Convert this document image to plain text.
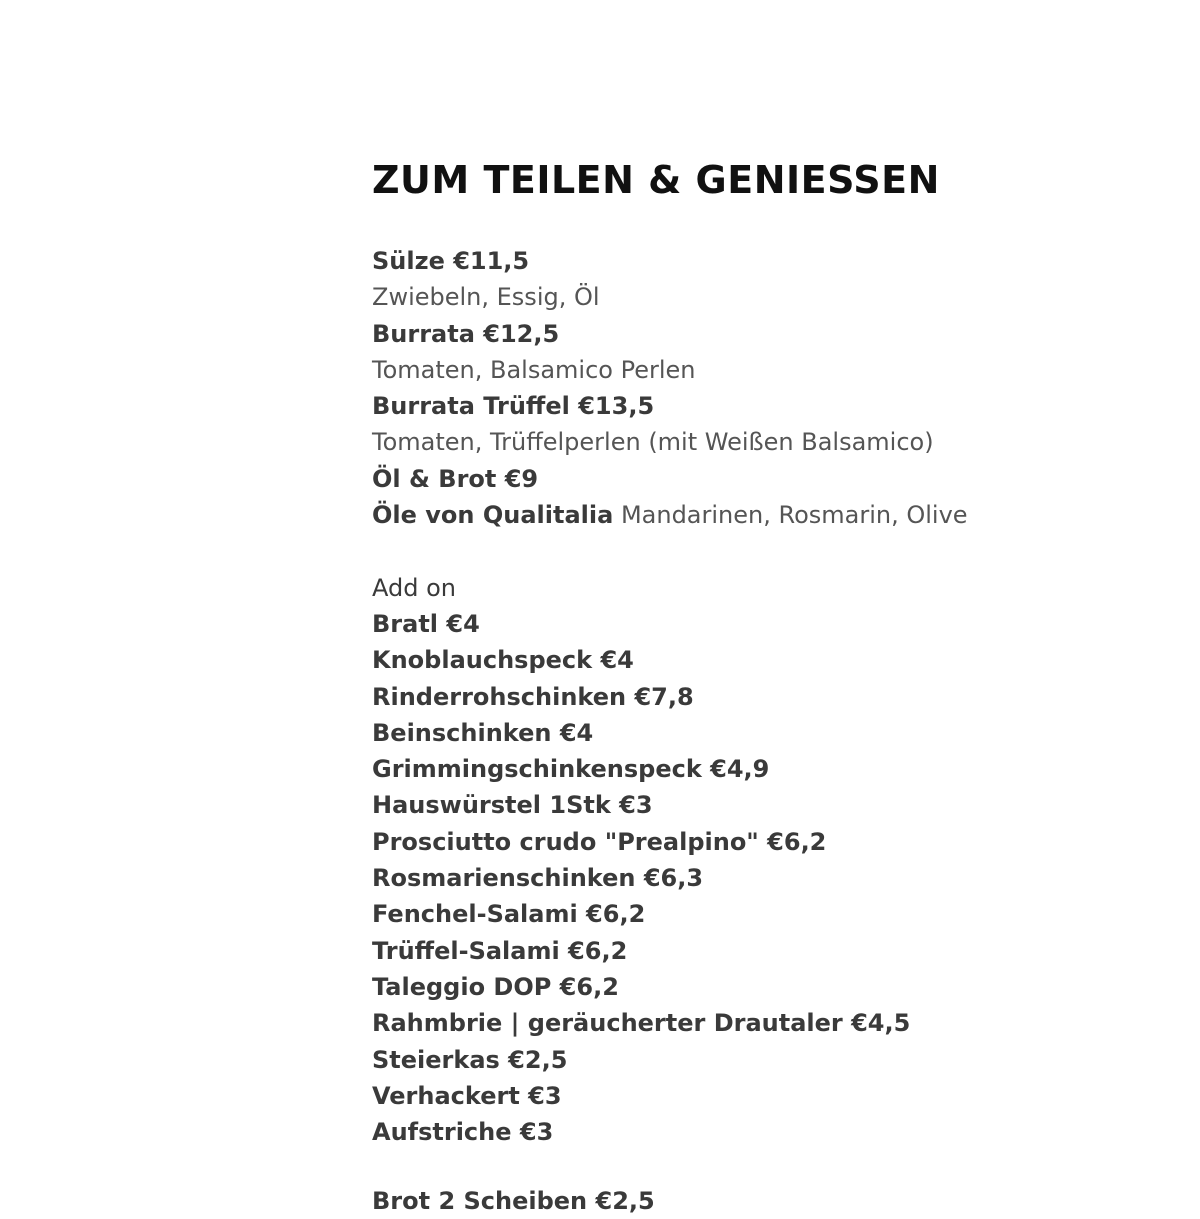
ZUM TEILEN & GENIESSEN
Sülze €11,5
Zwiebeln, Essig, Öl
Burrata €12,5
Tomaten, Balsamico Perlen
Burrata Trüffel €13,5
Tomaten, Trüffelperlen (mit Weißen Balsamico)
Öl & Brot €9
Öle von Qualitalia Mandarinen, Rosmarin, Olive
Add on
Bratl €4
Knoblauchspeck €4
Rinderrohschinken €7,8
Beinschinken €4
Grimmingschinkenspeck €4,9
Hauswürstel 1Stk €3
Prosciutto crudo "Prealpino" €6,2
Rosmarienschinken €6,3
Fenchel-Salami €6,2
Trüffel-Salami €6,2
Taleggio DOP €6,2
Rahmbrie | geräucherter Drautaler €4,5
Steierkas €2,5
Verhackert €3
Aufstriche €3
Brot 2 Scheiben €2,5
